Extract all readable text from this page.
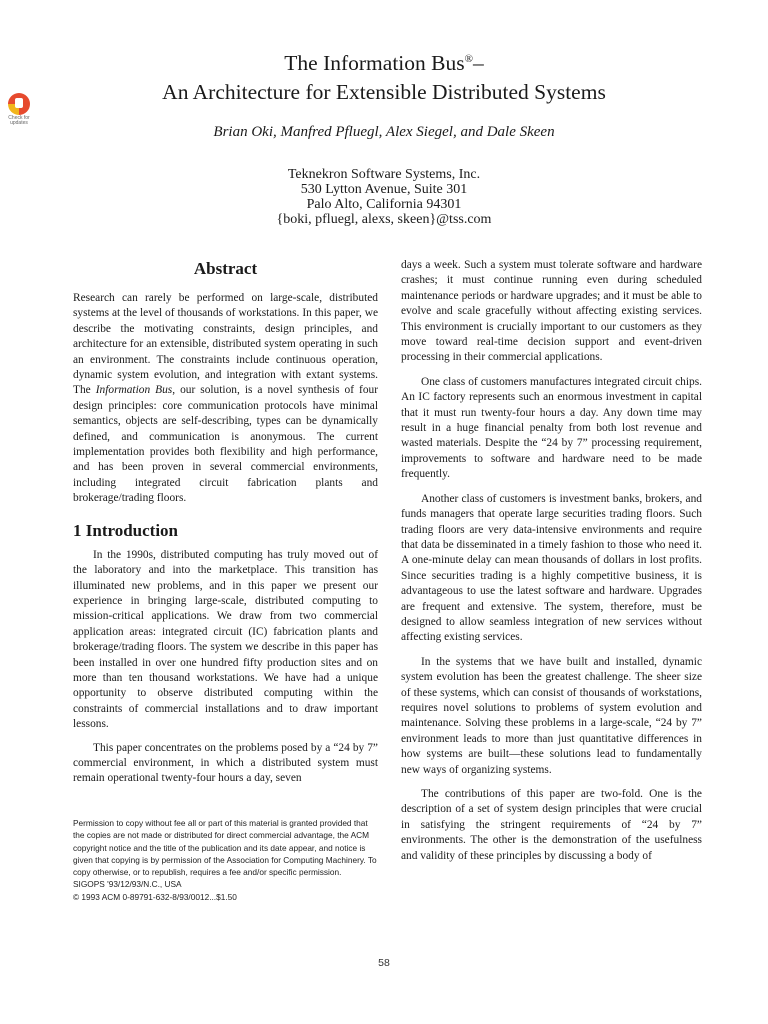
Check for updates
The Information Bus®–
An Architecture for Extensible Distributed Systems
Brian Oki, Manfred Pfluegl, Alex Siegel, and Dale Skeen
Teknekron Software Systems, Inc.
530 Lytton Avenue, Suite 301
Palo Alto, California 94301
{boki, pfluegl, alexs, skeen}@tss.com
Abstract

Research can rarely be performed on large-scale, distributed systems at the level of thousands of workstations. In this paper, we describe the motivating constraints, design principles, and architecture for an extensible, distributed system operating in such an environment. The constraints include continuous operation, dynamic system evolution, and integration with extant systems. The Information Bus, our solution, is a novel synthesis of four design principles: core communication protocols have minimal semantics, objects are self-describing, types can be dynamically defined, and communication is anonymous. The current implementation provides both flexibility and high performance, and has been proven in several commercial environments, including integrated circuit fabrication plants and brokerage/trading floors.

1 Introduction

In the 1990s, distributed computing has truly moved out of the laboratory and into the marketplace. This transition has illuminated new problems, and in this paper we present our experience in bringing large-scale, distributed computing to mission-critical applications. We draw from two commercial application areas: integrated circuit (IC) fabrication plants and brokerage/trading floors. The system we describe in this paper has been installed in over one hundred fifty production sites and on more than ten thousand workstations. We have had a unique opportunity to observe distributed computing within the constraints of commercial installations and to draw important lessons.

This paper concentrates on the problems posed by a “24 by 7” commercial environment, in which a distributed system must remain operational twenty-four hours a day, seven

Permission to copy without fee all or part of this material is granted provided that the copies are not made or distributed for direct commercial advantage, the ACM copyright notice and the title of the publication and its date appear, and notice is given that copying is by permission of the Association for Computing Machinery. To copy otherwise, or to republish, requires a fee and/or specific permission.
SIGOPS '93/12/93/N.C., USA
© 1993 ACM 0-89791-632-8/93/0012...$1.50

days a week. Such a system must tolerate software and hardware crashes; it must continue running even during scheduled maintenance periods or hardware upgrades; and it must be able to evolve and scale gracefully without affecting existing services. This environment is crucially important to our customers as they move toward real-time decision support and event-driven processing in their commercial applications.

One class of customers manufactures integrated circuit chips. An IC factory represents such an enormous investment in capital that it must run twenty-four hours a day. Any down time may result in a huge financial penalty from both lost revenue and wasted materials. Despite the “24 by 7” processing requirement, improvements to software and hardware need to be made frequently.

Another class of customers is investment banks, brokers, and funds managers that operate large securities trading floors. Such trading floors are very data-intensive environments and require that data be disseminated in a timely fashion to those who need it. A one-minute delay can mean thousands of dollars in lost profits. Since securities trading is a highly competitive business, it is advantageous to use the latest software and hardware. Upgrades are frequent and extensive. The system, therefore, must be designed to allow seamless integration of new services without affecting existing services.

In the systems that we have built and installed, dynamic system evolution has been the greatest challenge. The sheer size of these systems, which can consist of thousands of workstations, requires novel solutions to problems of system evolution and maintenance. Solving these problems in a large-scale, “24 by 7” environment leads to more than just quantitative differences in how systems are built—these solutions lead to fundamentally new ways of organizing systems.

The contributions of this paper are two-fold. One is the description of a set of system design principles that were crucial in satisfying the stringent requirements of “24 by 7” environments. The other is the demonstration of the usefulness and validity of these principles by discussing a body of

58
